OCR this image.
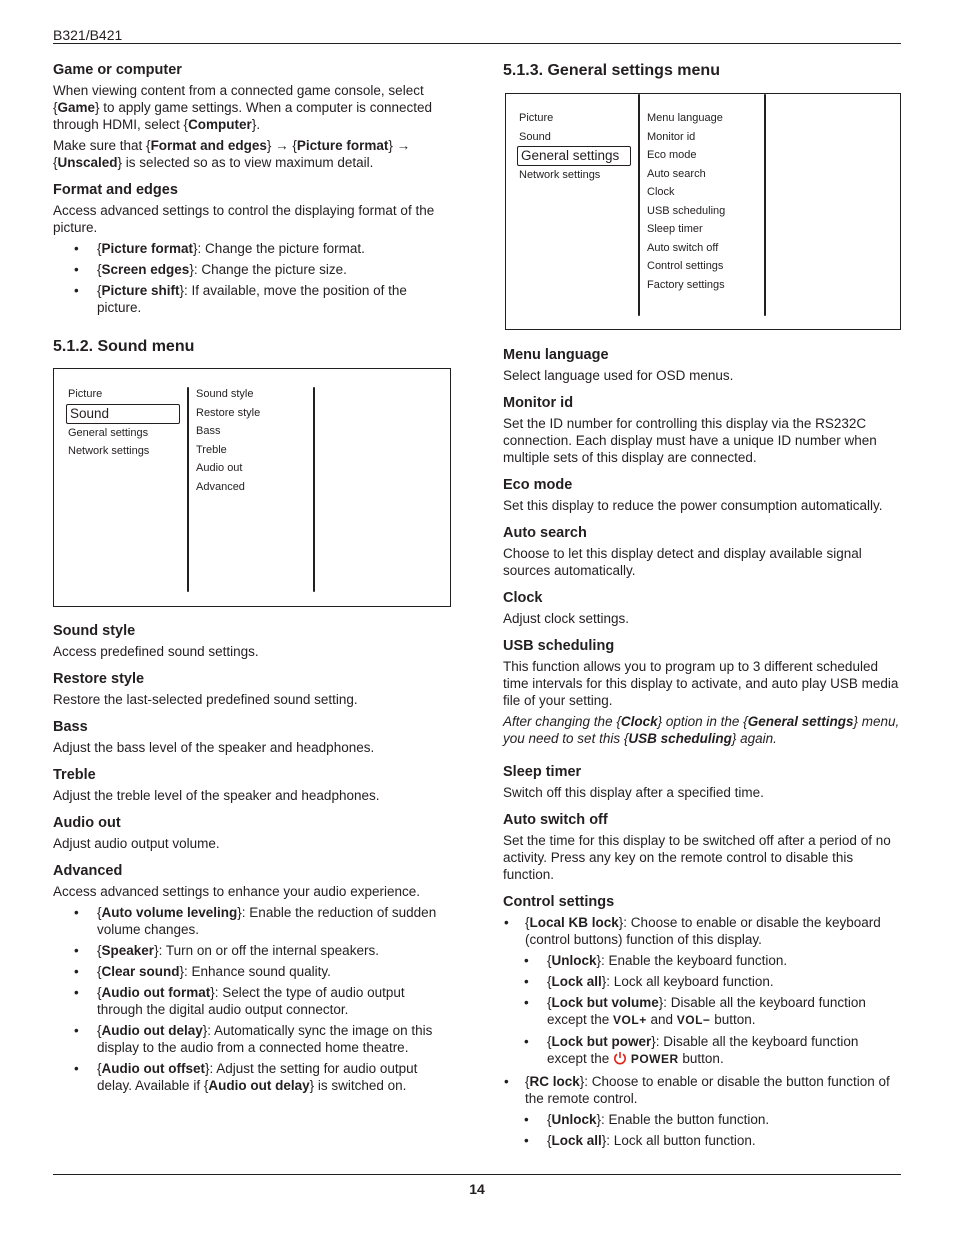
B321/B421
Game or computer

When viewing content from a connected game console, select {Game} to apply game settings. When a computer is connected through HDMI, select {Computer}.

Make sure that {Format and edges} → {Picture format} → {Unscaled} is selected so as to view maximum detail.

Format and edges

Access advanced settings to control the displaying format of the picture.

• {Picture format}: Change the picture format.
• {Screen edges}: Change the picture size.
• {Picture shift}: If available, move the position of the picture.
5.1.2. Sound menu
Picture
Sound
General settings
Network settings
Sound style
Restore style
Bass
Treble
Audio out
Advanced
Sound style

Access predefined sound settings.

Restore style

Restore the last-selected predefined sound setting.

Bass

Adjust the bass level of the speaker and headphones.

Treble

Adjust the treble level of the speaker and headphones.

Audio out

Adjust audio output volume.

Advanced

Access advanced settings to enhance your audio experience.

• {Auto volume leveling}: Enable the reduction of sudden volume changes.
• {Speaker}: Turn on or off the internal speakers.
• {Clear sound}: Enhance sound quality.
• {Audio out format}: Select the type of audio output through the digital audio output connector.
• {Audio out delay}: Automatically sync the image on this display to the audio from a connected home theatre.
• {Audio out offset}: Adjust the setting for audio output delay. Available if {Audio out delay} is switched on.
5.1.3. General settings menu
Picture
Sound
General settings
Network settings
Menu language
Monitor id
Eco mode
Auto search
Clock
USB scheduling
Sleep timer
Auto switch off
Control settings
Factory settings
Menu language

Select language used for OSD menus.

Monitor id

Set the ID number for controlling this display via the RS232C connection. Each display must have a unique ID number when multiple sets of this display are connected.

Eco mode

Set this display to reduce the power consumption automatically.

Auto search

Choose to let this display detect and display available signal sources automatically.

Clock

Adjust clock settings.

USB scheduling

This function allows you to program up to 3 different scheduled time intervals for this display to activate, and auto play USB media file of your setting.

After changing the {Clock} option in the {General settings} menu, you need to set this {USB scheduling} again.

Sleep timer

Switch off this display after a specified time.

Auto switch off

Set the time for this display to be switched off after a period of no activity. Press any key on the remote control to disable this function.

Control settings
• {Local KB lock}: Choose to enable or disable the keyboard (control buttons) function of this display.
• {Unlock}: Enable the keyboard function.
• {Lock all}: Lock all keyboard function.
• {Lock but volume}: Disable all the keyboard function except the VOL+ and VOL− button.
• {Lock but power}: Disable all the keyboard function except the  POWER button.
• {RC lock}: Choose to enable or disable the button function of the remote control.
• {Unlock}: Enable the button function.
• {Lock all}: Lock all button function.
14
